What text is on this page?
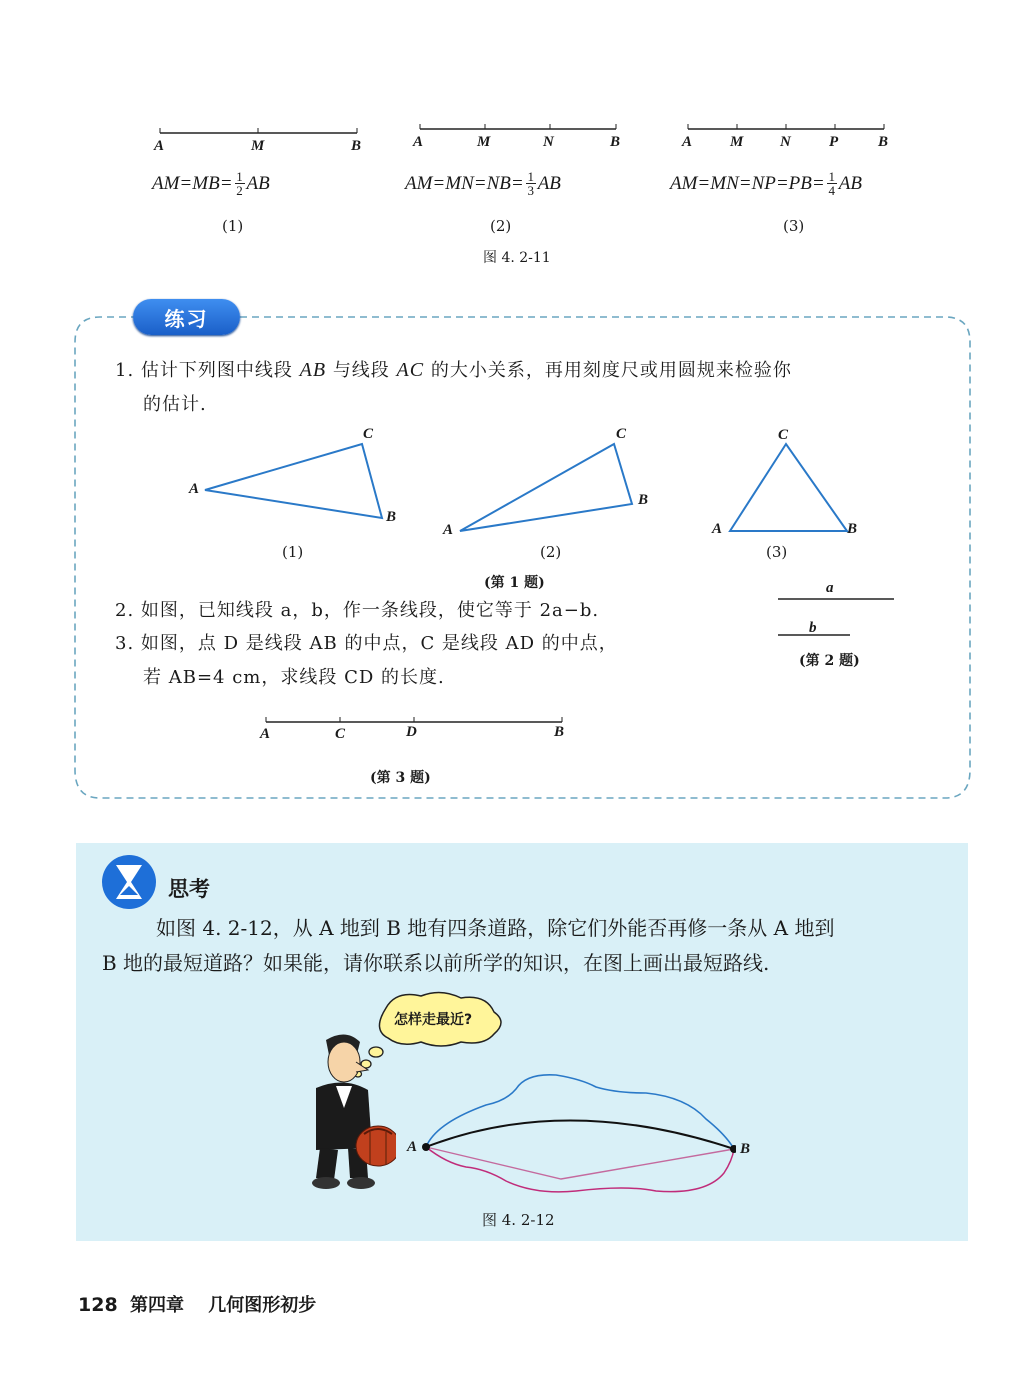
A	M	B	A	M	N	B	A	M N	P	B
$AM=MB= \frac{1}{2}$ AB	$AM=MN=NB= \frac{1}{3}$ AB	$AM=MN=NP=PB= \frac{1}{4}$ AB
(1)	(2)	(3)
图 4. 2-11
练习
1. 估计下列图中线段 AB 与线段 AC 的大小关系，再用刻度尺或用圆规来检验你
的估计.
A
B
C
(1)
A
B
C
(2)
A	B
C
(3)
(第 1 题)
2. 如图，已知线段 a，b，作一条线段，使它等于 2a−b.
3. 如图，点 D 是线段 AB 的中点，C 是线段 AD 的中点，
若 AB=4 cm，求线段 CD 的长度.
a
b
(第 2 题)
A	C	D	B
(第 3 题)
思考
如图 4. 2-12，从 A 地到 B 地有四条道路，除它们外能否再修一条从 A 地到
B 地的最短道路？如果能，请你联系以前所学的知识，在图上画出最短路线.
怎样走最近?
A	B
图 4. 2-12
128 第四章 几何图形初步
